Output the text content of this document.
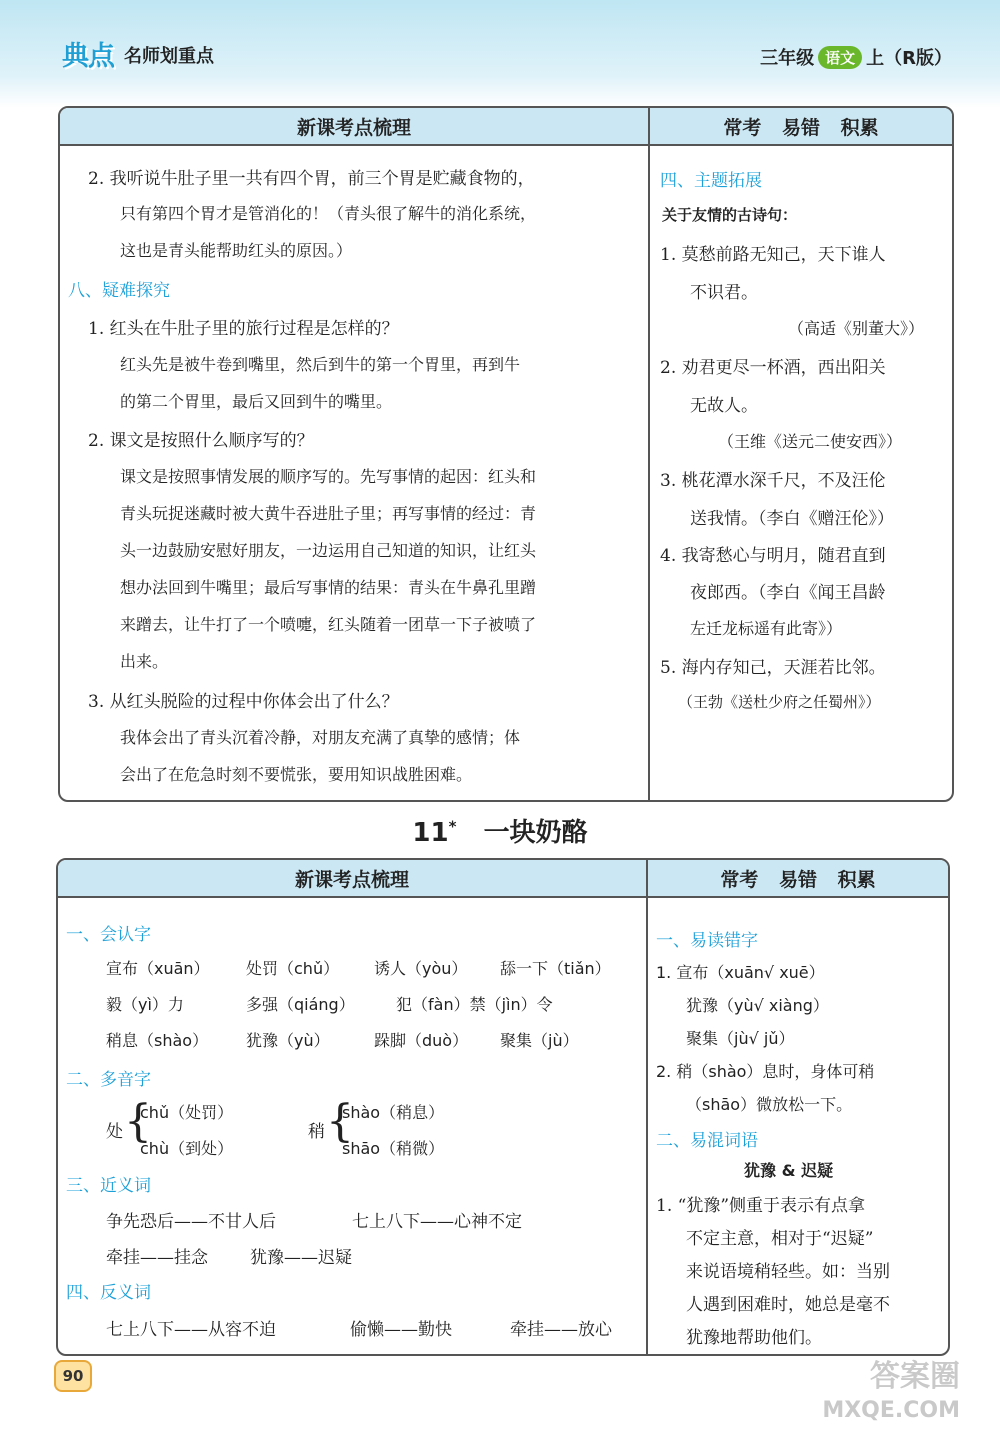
典点 名师划重点	三年级 语文 上（R版）
新课考点梳理	常考 易错 积累
2. 我听说牛肚子里一共有四个胃，前三个胃是贮藏食物的，
只有第四个胃才是管消化的！（青头很了解牛的消化系统，
这也是青头能帮助红头的原因。）
八、疑难探究
1. 红头在牛肚子里的旅行过程是怎样的？
红头先是被牛卷到嘴里，然后到牛的第一个胃里，再到牛
的第二个胃里，最后又回到牛的嘴里。
2. 课文是按照什么顺序写的？
课文是按照事情发展的顺序写的。先写事情的起因：红头和
青头玩捉迷藏时被大黄牛吞进肚子里；再写事情的经过：青
头一边鼓励安慰好朋友，一边运用自己知道的知识，让红头
想办法回到牛嘴里；最后写事情的结果：青头在牛鼻孔里蹭
来蹭去，让牛打了一个喷嚏，红头随着一团草一下子被喷了
出来。
3. 从红头脱险的过程中你体会出了什么？
我体会出了青头沉着冷静，对朋友充满了真挚的感情；体
会出了在危急时刻不要慌张，要用知识战胜困难。
四、主题拓展
关于友情的古诗句：
1. 莫愁前路无知己，天下谁人
不识君。
（高适《别董大》）
2. 劝君更尽一杯酒，西出阳关
无故人。
（王维《送元二使安西》）
3. 桃花潭水深千尺，不及汪伦
送我情。（李白《赠汪伦》）
4. 我寄愁心与明月，随君直到
夜郎西。（李白《闻王昌龄
左迁龙标遥有此寄》）
5. 海内存知己，天涯若比邻。
（王勃《送杜少府之任蜀州》）
11* 一块奶酪
新课考点梳理	常考 易错 积累
一、会认字
宣布（xuān） 处罚（chǔ） 诱人（yòu） 舔一下（tiǎn）
毅（yì）力	多强（qiáng）	犯（fàn）禁（jìn）令
稍息（shào） 犹豫（yù）	跺脚（duò） 聚集（jù）
二、多音字
处 {
chǔ（处罚）
chù（到处）
稍 {
shào（稍息）
shāo（稍微）
三、近义词
争先恐后——不甘人后	七上八下——心神不定
牵挂——挂念 犹豫——迟疑
四、反义词
七上八下——从容不迫	偷懒——勤快	牵挂——放心
一、易读错字
1. 宣布（xuān√ xuē）
犹豫（yù√ xiàng）
聚集（jù√ jǔ）
2. 稍（shào）息时，身体可稍
（shāo）微放松一下。
二、易混词语
犹豫 & 迟疑
1. “犹豫”侧重于表示有点拿
不定主意，相对于“迟疑”
来说语境稍轻些。如：当别
人遇到困难时，她总是毫不
犹豫地帮助他们。
90	答案圈
MXQE.COM
